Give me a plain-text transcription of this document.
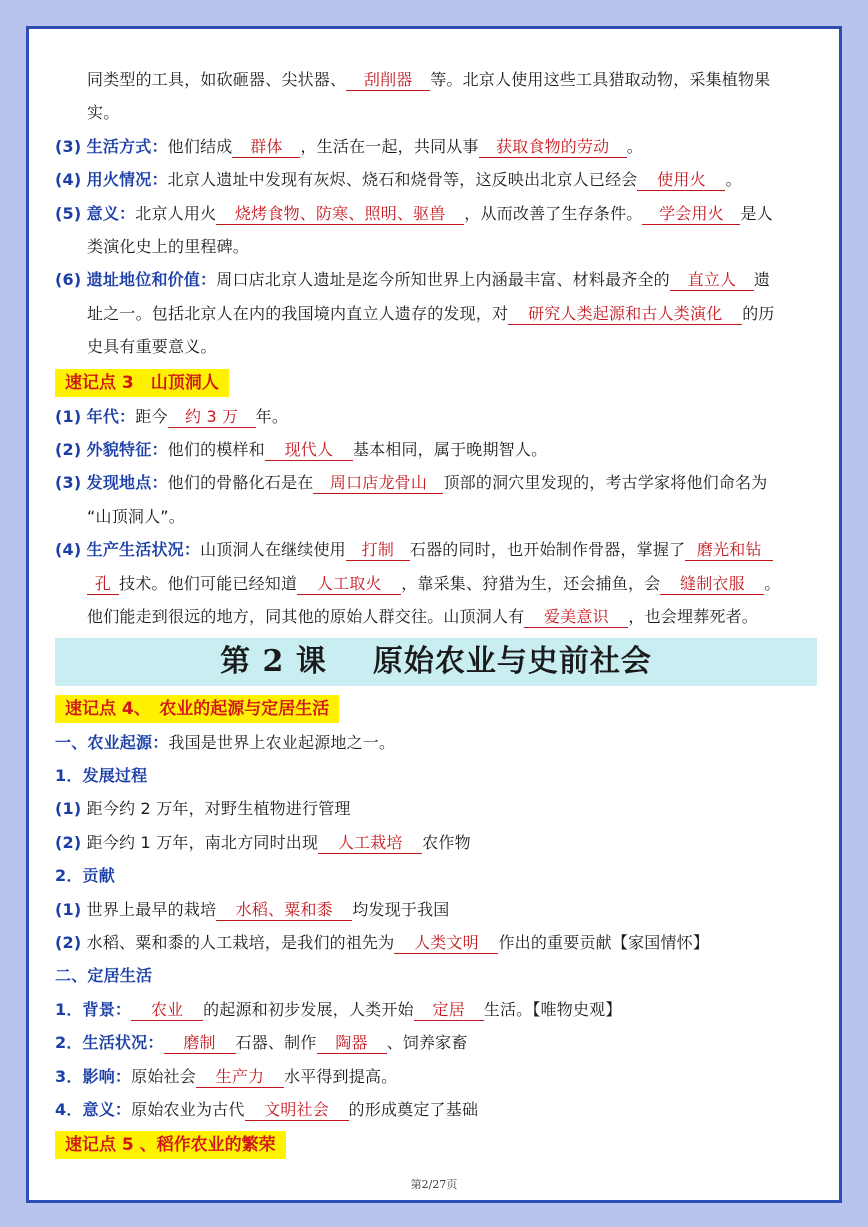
同类型的工具，如砍砸器、尖状器、 刮削器 等。北京人使用这些工具猎取动物，采集植物果
实。
(3) 生活方式：他们结成 群体 ，生活在一起，共同从事 获取食物的劳动 。
(4) 用火情况：北京人遗址中发现有灰烬、烧石和烧骨等，这反映出北京人已经会 使用火 。
(5) 意义：北京人用火 烧烤食物、防寒、照明、驱兽 ，从而改善了生存条件。 学会用火 是人
类演化史上的里程碑。
(6) 遗址地位和价值：周口店北京人遗址是迄今所知世界上内涵最丰富、材料最齐全的 直立人 遗
址之一。包括北京人在内的我国境内直立人遗存的发现，对 研究人类起源和古人类演化 的历
史具有重要意义。
速记点 3　山顶洞人
(1) 年代：距今 约 3 万 年。
(2) 外貌特征：他们的模样和 现代人 基本相同，属于晚期智人。
(3) 发现地点：他们的骨骼化石是在 周口店龙骨山 顶部的洞穴里发现的，考古学家将他们命名为
“山顶洞人”。
(4) 生产生活状况：山顶洞人在继续使用 打制 石器的同时，也开始制作骨器，掌握了 磨光和钻
孔 技术。他们可能已经知道 人工取火 ，靠采集、狩猎为生，还会捕鱼，会 缝制衣服 。
他们能走到很远的地方，同其他的原始人群交往。山顶洞人有 爱美意识 ，也会埋葬死者。
第 2 课 原始农业与史前社会
速记点 4、　农业的起源与定居生活
一、农业起源：我国是世界上农业起源地之一。
1．发展过程
(1) 距今约 2 万年，对野生植物进行管理
(2) 距今约 1 万年，南北方同时出现 人工栽培 农作物
2．贡献
(1) 世界上最早的栽培 水稻、粟和黍 均发现于我国
(2) 水稻、粟和黍的人工栽培，是我们的祖先为 人类文明 作出的重要贡献【家国情怀】
二、定居生活
1．背景： 农业 的起源和初步发展，人类开始 定居 生活。【唯物史观】
2．生活状况： 磨制 石器、制作 陶器 、饲养家畜
3．影响：原始社会 生产力 水平得到提高。
4．意义：原始农业为古代 文明社会 的形成奠定了基础
速记点 5 、稻作农业的繁荣
第2/27页
